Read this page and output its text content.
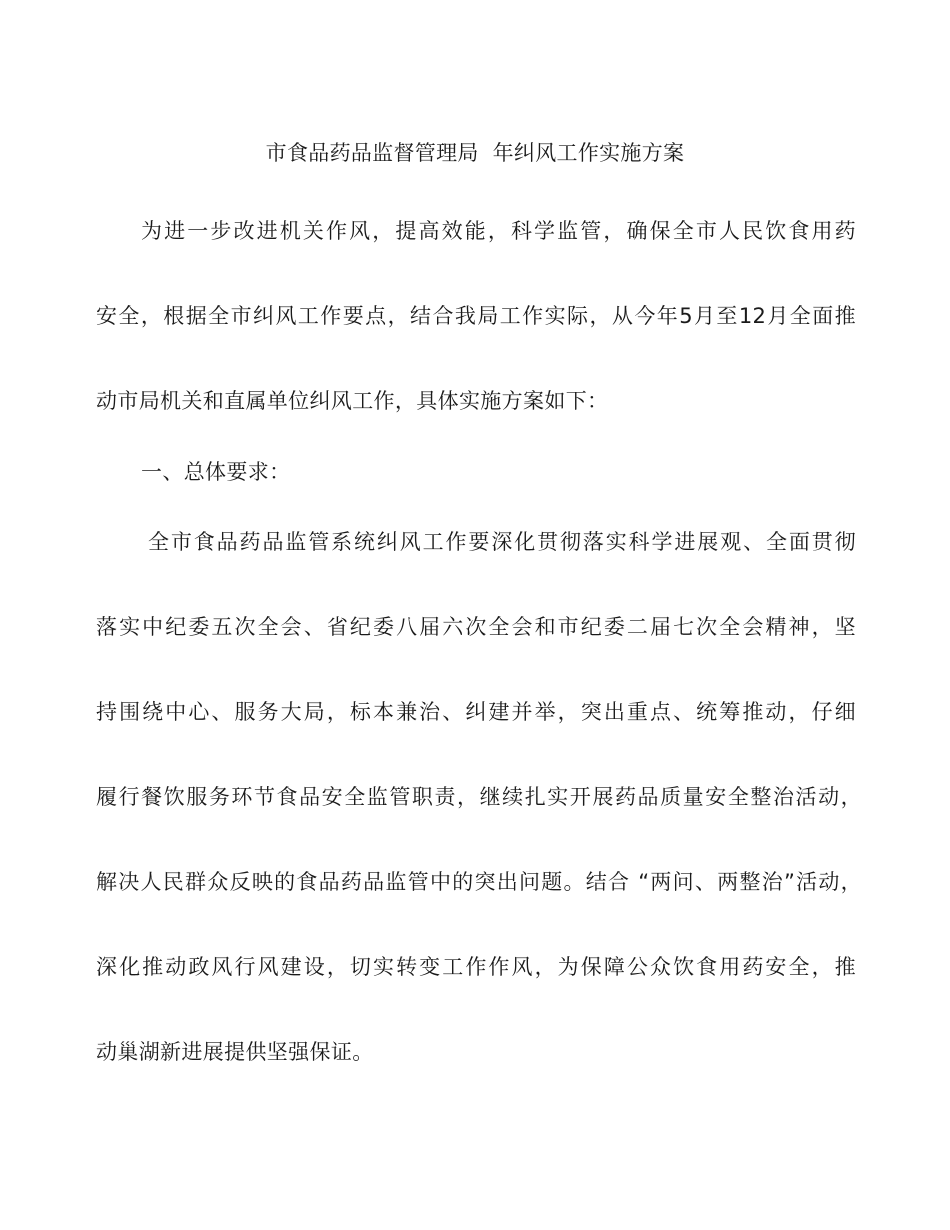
市食品药品监督管理局  年纠风工作实施方案
为进一步改进机关作风，提高效能，科学监管，确保全市人民饮食用药
安全，根据全市纠风工作要点，结合我局工作实际，从今年5月至12月全面推
动市局机关和直属单位纠风工作，具体实施方案如下：
一、总体要求：
全市食品药品监管系统纠风工作要深化贯彻落实科学进展观、全面贯彻
落实中纪委五次全会、省纪委八届六次全会和市纪委二届七次全会精神，坚
持围绕中心、服务大局，标本兼治、纠建并举，突出重点、统筹推动，仔细
履行餐饮服务环节食品安全监管职责，继续扎实开展药品质量安全整治活动，
解决人民群众反映的食品药品监管中的突出问题。结合 “两问、两整治”活动，
深化推动政风行风建设，切实转变工作作风，为保障公众饮食用药安全，推
动巢湖新进展提供坚强保证。
